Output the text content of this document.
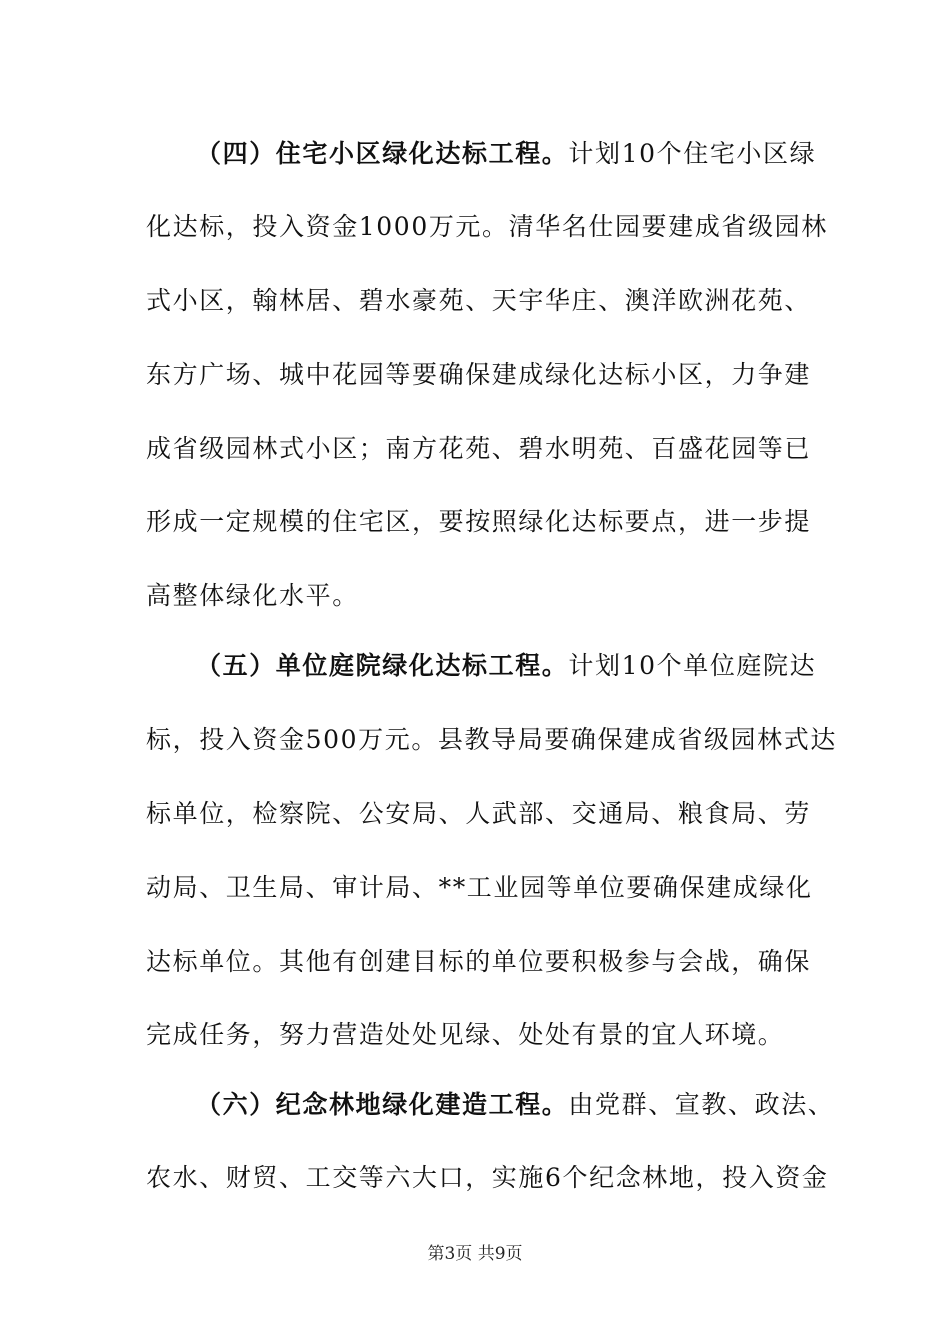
（四）住宅小区绿化达标工程。计划10个住宅小区绿
化达标，投入资金1000万元。清华名仕园要建成省级园林
式小区，翰林居、碧水豪苑、天宇华庄、澳洋欧洲花苑、
东方广场、城中花园等要确保建成绿化达标小区，力争建
成省级园林式小区；南方花苑、碧水明苑、百盛花园等已
形成一定规模的住宅区，要按照绿化达标要点，进一步提
高整体绿化水平。
（五）单位庭院绿化达标工程。计划10个单位庭院达
标，投入资金500万元。县教导局要确保建成省级园林式达
标单位，检察院、公安局、人武部、交通局、粮食局、劳
动局、卫生局、审计局、**工业园等单位要确保建成绿化
达标单位。其他有创建目标的单位要积极参与会战，确保
完成任务，努力营造处处见绿、处处有景的宜人环境。
（六）纪念林地绿化建造工程。由党群、宣教、政法、
农水、财贸、工交等六大口，实施6个纪念林地，投入资金
第3页 共9页
